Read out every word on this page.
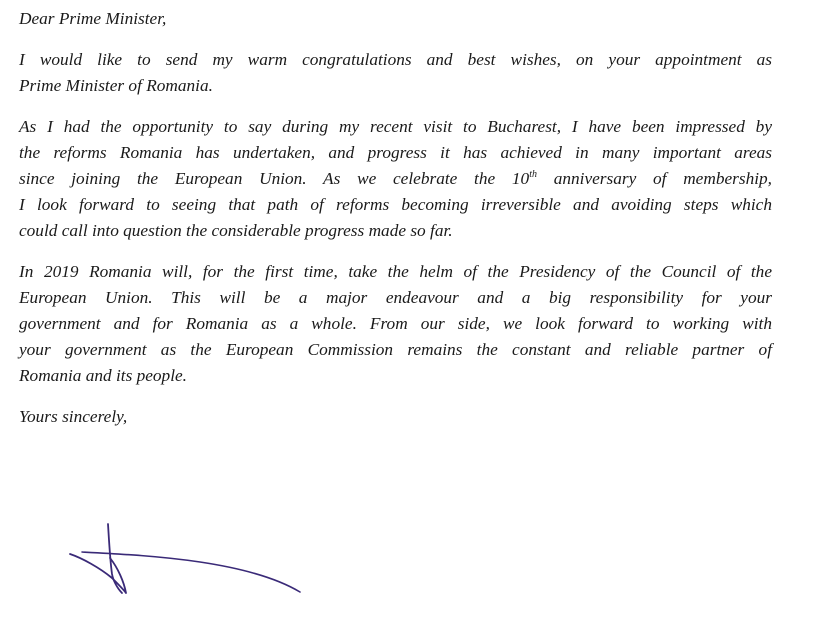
Dear Prime Minister,
I would like to send my warm congratulations and best wishes, on your appointment as
Prime Minister of Romania.
As I had the opportunity to say during my recent visit to Bucharest, I have been impressed by
the reforms Romania has undertaken, and progress it has achieved in many important areas
since joining the European Union. As we celebrate the 10th anniversary of membership,
I look forward to seeing that path of reforms becoming irreversible and avoiding steps which
could call into question the considerable progress made so far.
In 2019 Romania will, for the first time, take the helm of the Presidency of the Council of the
European Union. This will be a major endeavour and a big responsibility for your
government and for Romania as a whole. From our side, we look forward to working with
your government as the European Commission remains the constant and reliable partner of
Romania and its people.
Yours sincerely,
